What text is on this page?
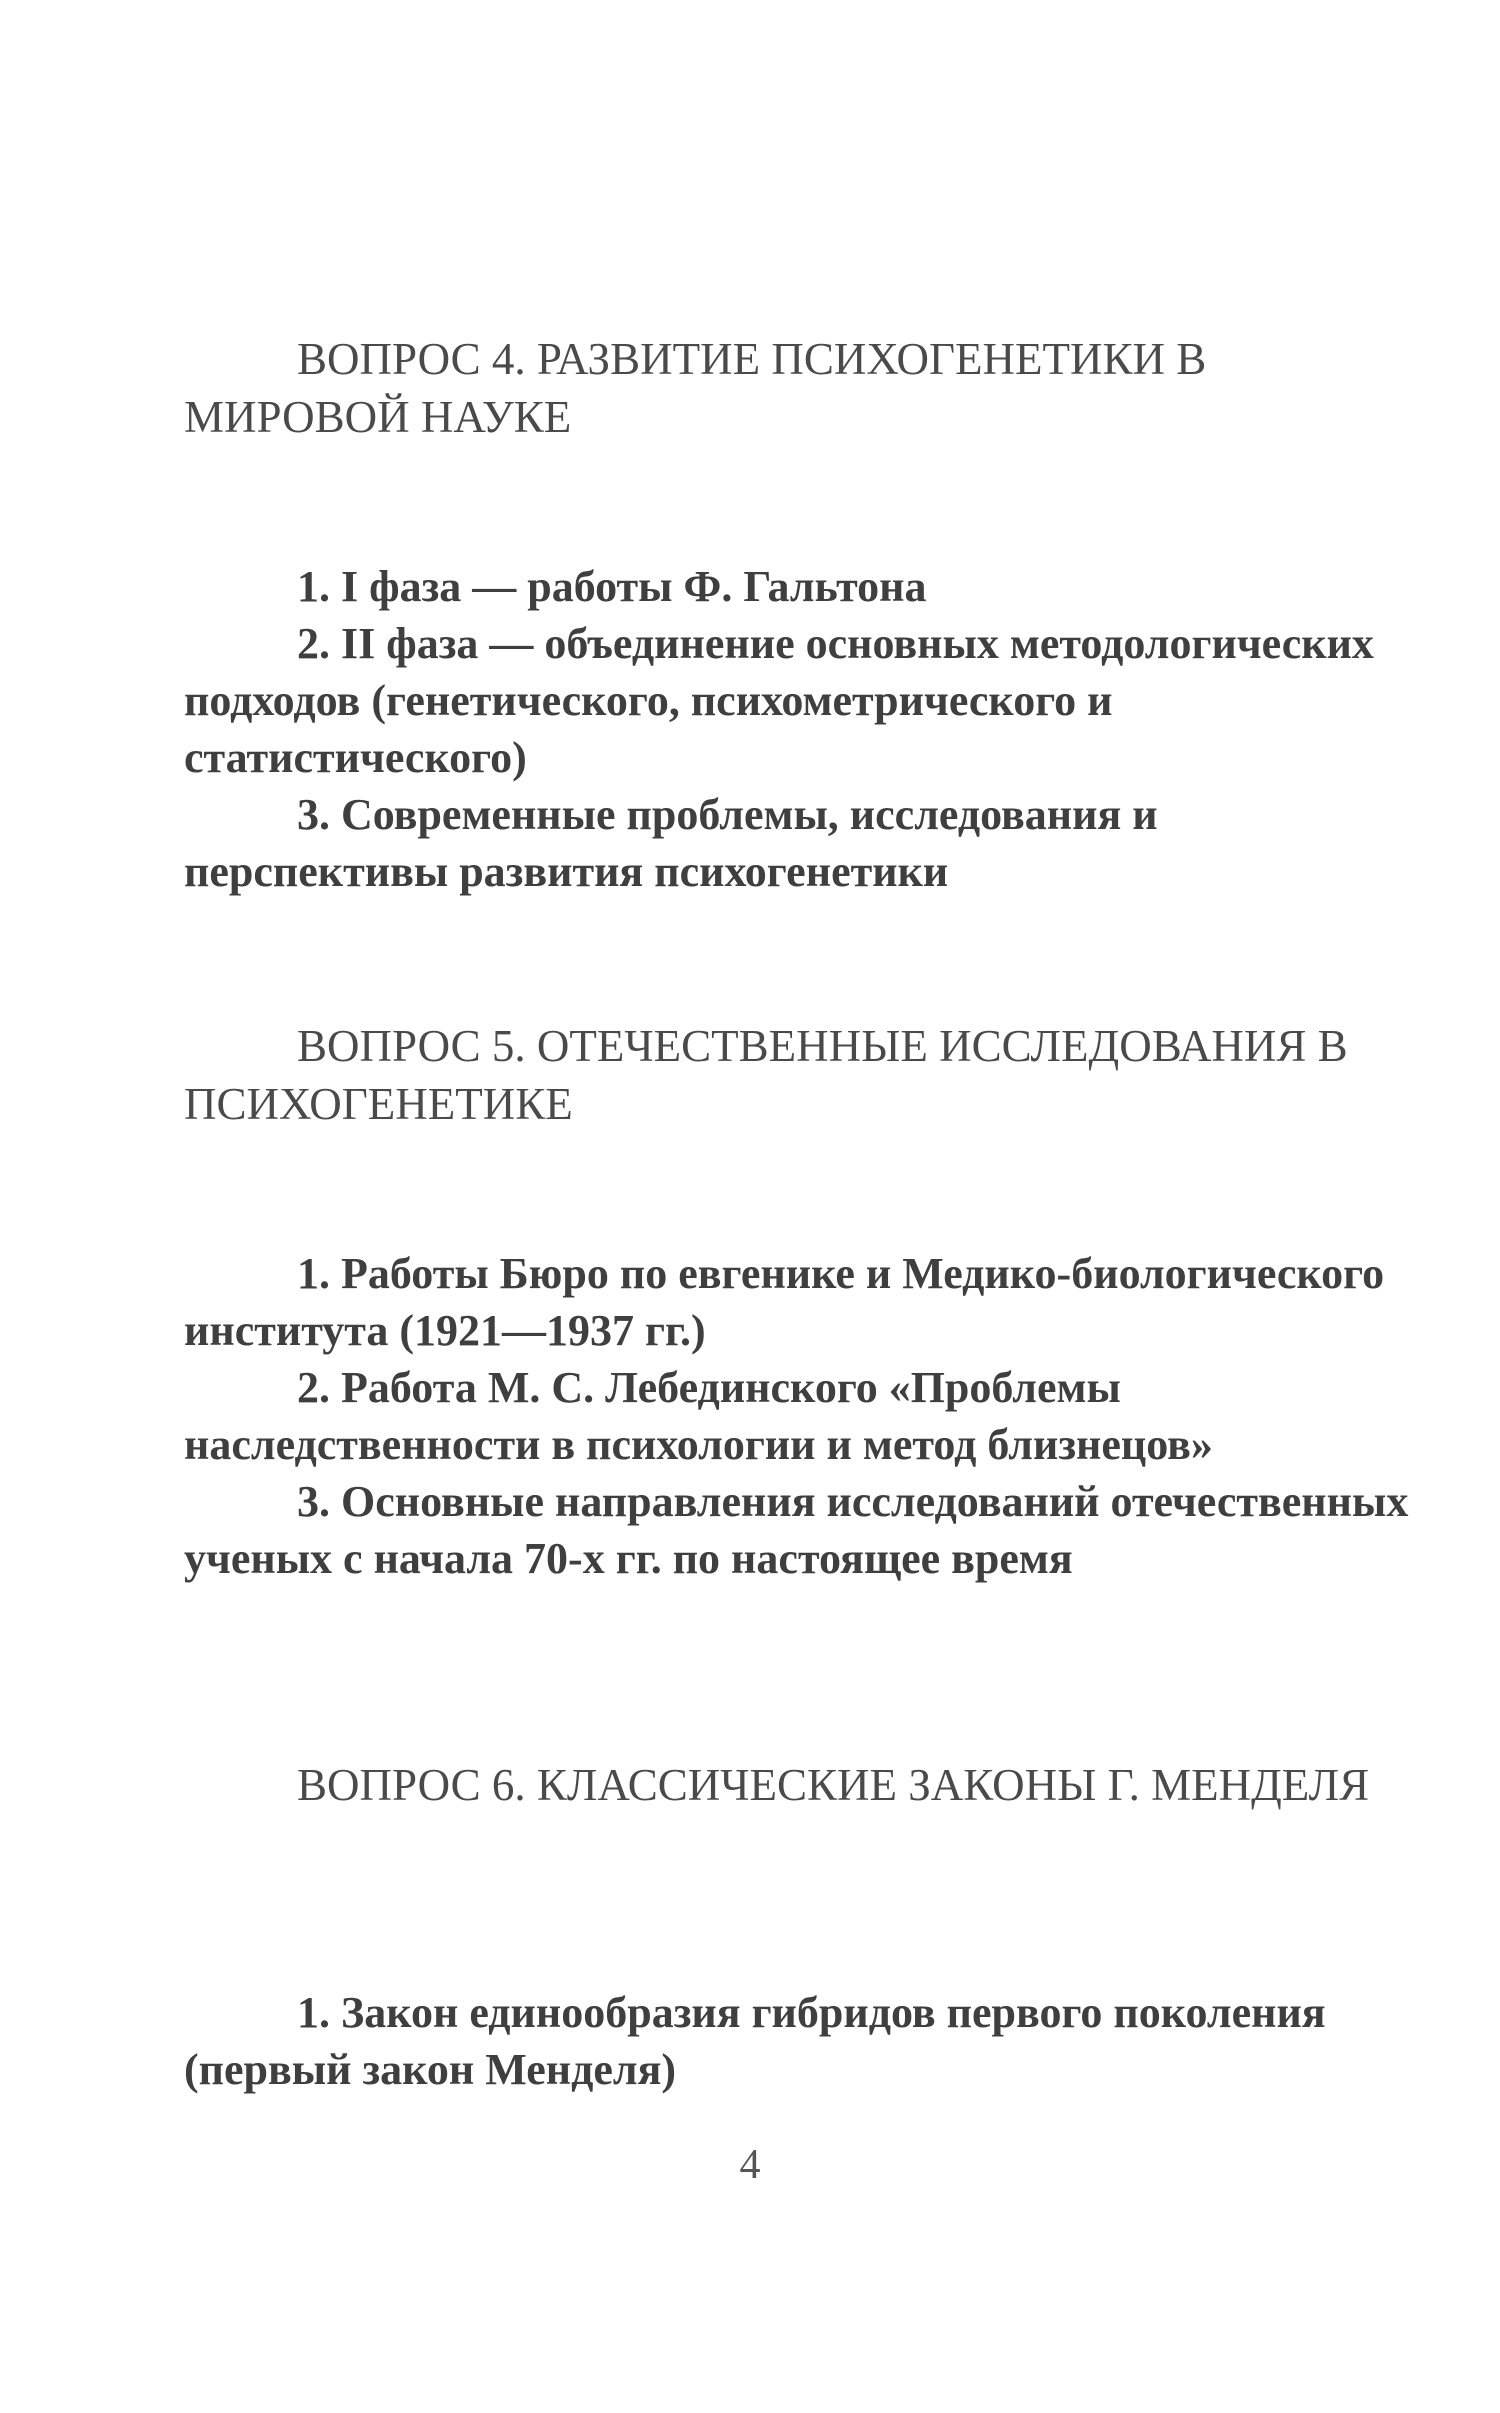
ВОПРОС 4. РАЗВИТИЕ ПСИХОГЕНЕТИКИ В МИРОВОЙ НАУКЕ

1. I фаза — работы Ф. Гальтона

2. II фаза — объединение основных методологических подходов (генетического, психометрического и статистического)

3. Современные проблемы, исследования и перспективы развития психогенетики

ВОПРОС 5. ОТЕЧЕСТВЕННЫЕ ИССЛЕДОВАНИЯ В ПСИХОГЕНЕТИКЕ

1. Работы Бюро по евгенике и Медико-биологического института (1921—1937 гг.)

2. Работа М. С. Лебединского «Проблемы наследственности в психологии и метод близнецов»

3. Основные направления исследований отечественных ученых с начала 70-х гг. по настоящее время

ВОПРОС 6. КЛАССИЧЕСКИЕ ЗАКОНЫ Г. МЕНДЕЛЯ

1. Закон единообразия гибридов первого поколения (первый закон Менделя)

4
